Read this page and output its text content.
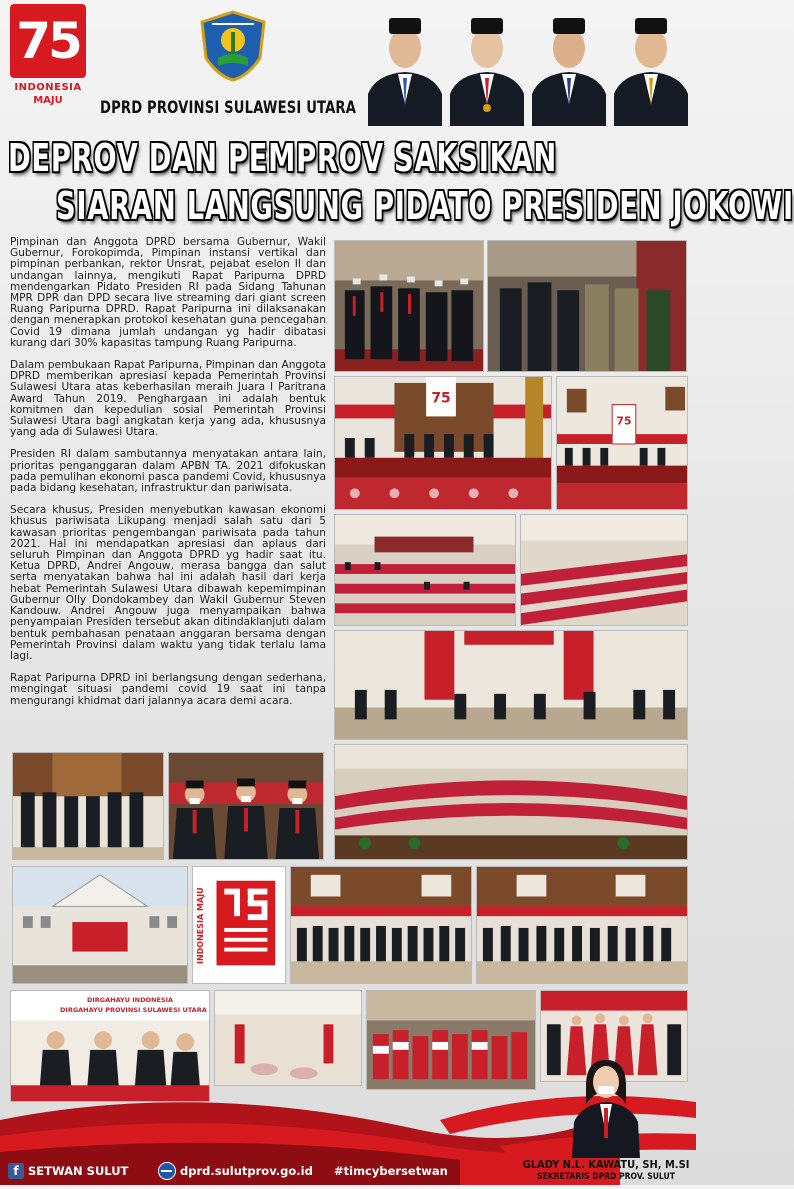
75
INDONESIA
MAJU	DPRD PROVINSI SULAWESI UTARA
DEPROV DAN PEMPROV SAKSIKAN
SIARAN LANGSUNG PIDATO PRESIDEN JOKOWI

Pimpinan dan Anggota DPRD bersama Gubernur, Wakil Gubernur, Forokopimda, Pimpinan instansi vertikal dan pimpinan perbankan, rektor Unsrat, pejabat eselon II dan undangan lainnya, mengikuti Rapat Paripurna DPRD mendengarkan Pidato Presiden RI pada Sidang Tahunan MPR DPR dan DPD secara live streaming dari giant screen Ruang Paripurna DPRD. Rapat Paripurna ini dilaksanakan dengan menerapkan protokol kesehatan guna pencegahan Covid 19 dimana jumlah undangan yg hadir dibatasi kurang dari 30% kapasitas tampung Ruang Paripurna.

Dalam pembukaan Rapat Paripurna, Pimpinan dan Anggota DPRD memberikan apresiasi kepada Pemerintah Provinsi Sulawesi Utara atas keberhasilan meraih Juara I Paritrana Award Tahun 2019. Penghargaan ini adalah bentuk komitmen dan kepedulian sosial Pemerintah Provinsi Sulawesi Utara bagi angkatan kerja yang ada, khususnya yang ada di Sulawesi Utara.

Presiden RI dalam sambutannya menyatakan antara lain, prioritas penganggaran dalam APBN TA. 2021 difokuskan pada pemulihan ekonomi pasca pandemi Covid, khususnya pada bidang kesehatan, infrastruktur dan pariwisata.

Secara khusus, Presiden menyebutkan kawasan ekonomi khusus pariwisata Likupang menjadi salah satu dari 5 kawasan prioritas pengembangan pariwisata pada tahun 2021. Hal ini mendapatkan apresiasi dan aplaus dari seluruh Pimpinan dan Anggota DPRD yg hadir saat itu. Ketua DPRD, Andrei Angouw, merasa bangga dan salut serta menyatakan bahwa hal ini adalah hasil dari kerja hebat Pemerintah Sulawesi Utara dibawah kepemimpinan Gubernur Olly Dondokambey dan Wakil Gubernur Steven Kandouw. Andrei Angouw juga menyampaikan bahwa penyampaian Presiden tersebut akan ditindaklanjuti dalam bentuk pembahasan penataan anggaran bersama dengan Pemerintah Provinsi dalam waktu yang tidak terlalu lama lagi.

Rapat Paripurna DPRD ini berlangsung dengan sederhana, mengingat situasi pandemi covid 19 saat ini tanpa mengurangi khidmat dari jalannya acara demi acara.

75
75
INDONESIA MAJU
DIRGAHAYU INDONESIA
DIRGAHAYU PROVINSI SULAWESI UTARA
f SETWAN SULUT	dprd.sulutprov.go.id #timcybersetwan	GLADY N.L. KAWATU, SH, M.SI
SEKRETARIS DPRD PROV. SULUT
